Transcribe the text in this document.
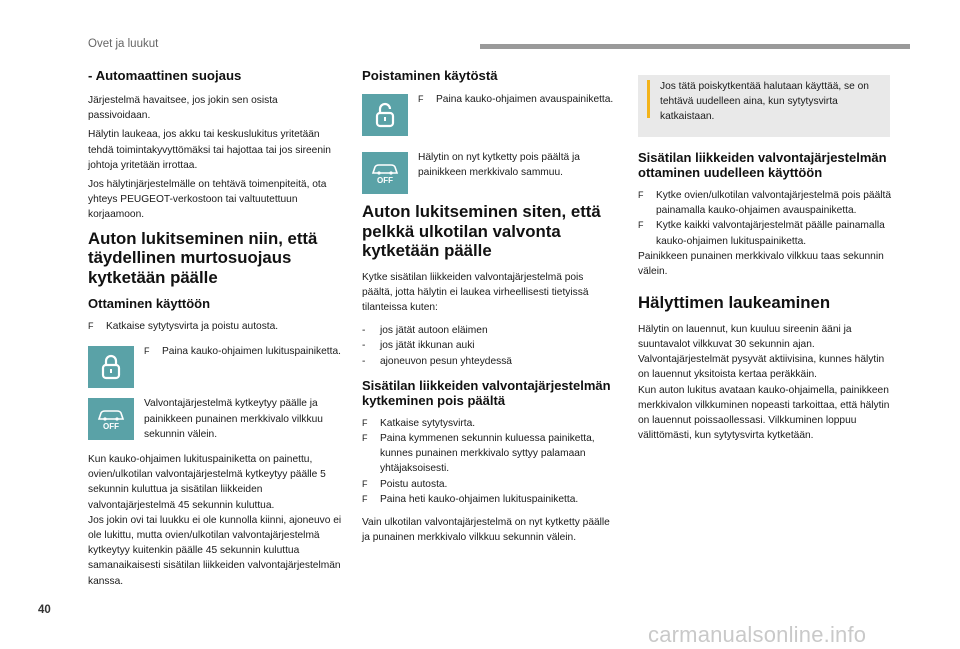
Ovet ja luukut
- Automaattinen suojaus

Järjestelmä havaitsee, jos jokin sen osista passivoidaan.

Hälytin laukeaa, jos akku tai keskuslukitus yritetään tehdä toimintakyvyttömäksi tai hajottaa tai jos sireenin johtoja yritetään irrottaa.

Jos hälytinjärjestelmälle on tehtävä toimenpiteitä, ota yhteys PEUGEOT-verkostoon tai valtuutettuun korjaamoon.

Auton lukitseminen niin, että täydellinen murtosuojaus kytketään päälle
Ottaminen käyttöön
F	Katkaise sytytysvirta ja poistu autosta.
F	Paina kauko-ohjaimen lukituspainiketta.
OFF
Valvontajärjestelmä kytkeytyy päälle ja painikkeen punainen merkkivalo vilkkuu sekunnin välein.

Kun kauko-ohjaimen lukituspainiketta on painettu, ovien/ulkotilan valvontajärjestelmä kytkeytyy päälle 5 sekunnin kuluttua ja sisätilan liikkeiden valvontajärjestelmä 45 sekunnin kuluttua.

Jos jokin ovi tai luukku ei ole kunnolla kiinni, ajoneuvo ei ole lukittu, mutta ovien/ulkotilan valvontajärjestelmä kytkeytyy kuitenkin päälle 45 sekunnin kuluttua samanaikaisesti sisätilan liikkeiden valvontajärjestelmän kanssa.

Poistaminen käytöstä
F	Paina kauko-ohjaimen avauspainiketta.
OFF
Hälytin on nyt kytketty pois päältä ja painikkeen merkkivalo sammuu.
Auton lukitseminen siten, että pelkkä ulkotilan valvonta kytketään päälle

Kytke sisätilan liikkeiden valvontajärjestelmä pois päältä, jotta hälytin ei laukea virheellisesti tietyissä tilanteissa kuten:

-	jos jätät autoon eläimen
-	jos jätät ikkunan auki
-	ajoneuvon pesun yhteydessä
Sisätilan liikkeiden valvontajärjestelmän kytkeminen pois päältä
F	Katkaise sytytysvirta.
F	Paina kymmenen sekunnin kuluessa painiketta, kunnes punainen merkkivalo syttyy palamaan yhtäjaksoisesti.
F	Poistu autosta.
F	Paina heti kauko-ohjaimen lukituspainiketta.

Vain ulkotilan valvontajärjestelmä on nyt kytketty päälle ja punainen merkkivalo vilkkuu sekunnin välein.

Jos tätä poiskytkentää halutaan käyttää, se on tehtävä uudelleen aina, kun sytytysvirta katkaistaan.
Sisätilan liikkeiden valvontajärjestelmän ottaminen uudelleen käyttöön
F	Kytke ovien/ulkotilan valvontajärjestelmä pois päältä painamalla kauko-ohjaimen avauspainiketta.
F	Kytke kaikki valvontajärjestelmät päälle painamalla kauko-ohjaimen lukituspainiketta.

Painikkeen punainen merkkivalo vilkkuu taas sekunnin välein.

Hälyttimen laukeaminen

Hälytin on lauennut, kun kuuluu sireenin ääni ja suuntavalot vilkkuvat 30 sekunnin ajan.

Valvontajärjestelmät pysyvät aktiivisina, kunnes hälytin on lauennut yksitoista kertaa peräkkäin.

Kun auton lukitus avataan kauko-ohjaimella, painikkeen merkkivalon vilkkuminen nopeasti tarkoittaa, että hälytin on lauennut poissaollessasi. Vilkkuminen loppuu välittömästi, kun sytytysvirta kytketään.

40
carmanualsonline.info
